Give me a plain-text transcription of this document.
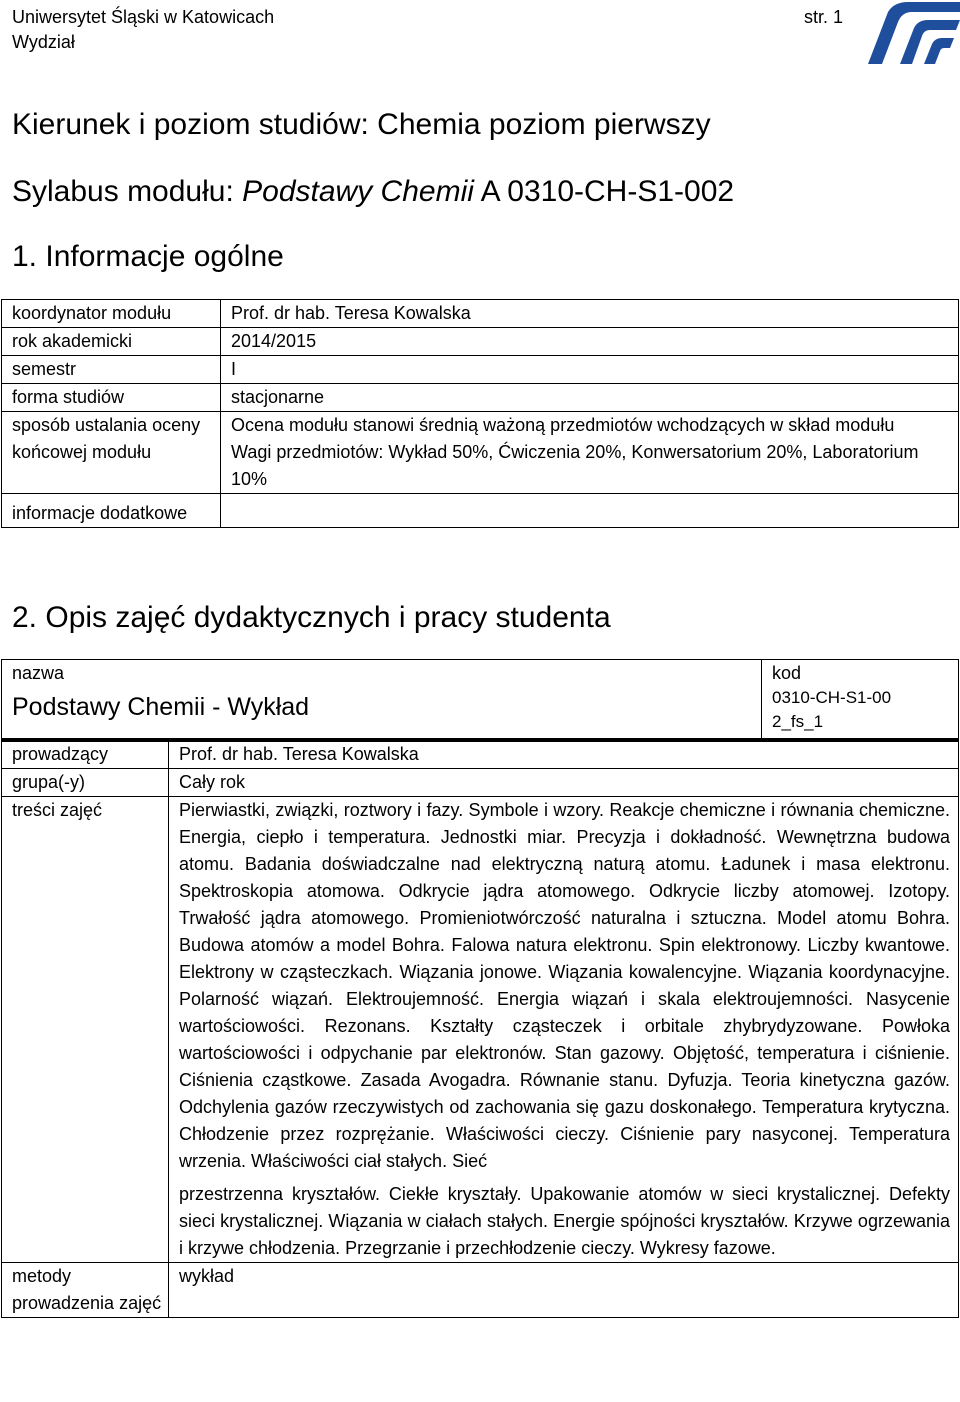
Uniwersytet Śląski w Katowicach
Wydział
str. 1
Kierunek i poziom studiów: Chemia poziom pierwszy
Sylabus modułu: Podstawy Chemii A 0310-CH-S1-002
1. Informacje ogólne
koordynator modułu	Prof. dr hab. Teresa Kowalska
rok akademicki	2014/2015
semestr	I
forma studiów	stacjonarne
sposób ustalania oceny końcowej modułu	Ocena modułu stanowi średnią ważoną przedmiotów wchodzących w skład modułu
Wagi przedmiotów: Wykład 50%, Ćwiczenia 20%, Konwersatorium 20%, Laboratorium 10%

informacje dodatkowe	
2. Opis zajęć dydaktycznych i pracy studenta
nazwa
Podstawy Chemii - Wykład

kod
0310-CH-S1-002_fs_1
prowadzący	Prof. dr hab. Teresa Kowalska
grupa(-y)	Cały rok
treści zajęć	Pierwiastki, związki, roztwory i fazy. Symbole i wzory. Reakcje chemiczne i równania chemiczne. Energia, ciepło i temperatura. Jednostki miar. Precyzja i dokładność. Wewnętrzna budowa atomu. Badania doświadczalne nad elektryczną naturą atomu. Ładunek i masa elektronu. Spektroskopia atomowa. Odkrycie jądra atomowego. Odkrycie liczby atomowej. Izotopy. Trwałość jądra atomowego. Promieniotwórczość naturalna i sztuczna. Model atomu Bohra. Budowa atomów a model Bohra. Falowa natura elektronu. Spin elektronowy. Liczby kwantowe. Elektrony w cząsteczkach. Wiązania jonowe. Wiązania kowalencyjne. Wiązania koordynacyjne. Polarność wiązań. Elektroujemność. Energia wiązań i skala elektroujemności. Nasycenie wartościowości. Rezonans. Kształty cząsteczek i orbitale zhybrydyzowane. Powłoka wartościowości i odpychanie par elektronów. Stan gazowy. Objętość, temperatura i ciśnienie. Ciśnienia cząstkowe. Zasada Avogadra. Równanie stanu. Dyfuzja. Teoria kinetyczna gazów. Odchylenia gazów rzeczywistych od zachowania się gazu doskonałego. Temperatura krytyczna. Chłodzenie przez rozprężanie. Właściwości cieczy. Ciśnienie pary nasyconej. Temperatura wrzenia. Właściwości ciał stałych. Sieć
przestrzenna kryształów. Ciekłe kryształy. Upakowanie atomów w sieci krystalicznej. Defekty sieci krystalicznej. Wiązania w ciałach stałych. Energie spójności kryształów. Krzywe ogrzewania i krzywe chłodzenia. Przegrzanie i przechłodzenie cieczy. Wykresy fazowe.

metody prowadzenia zajęć	wykład
